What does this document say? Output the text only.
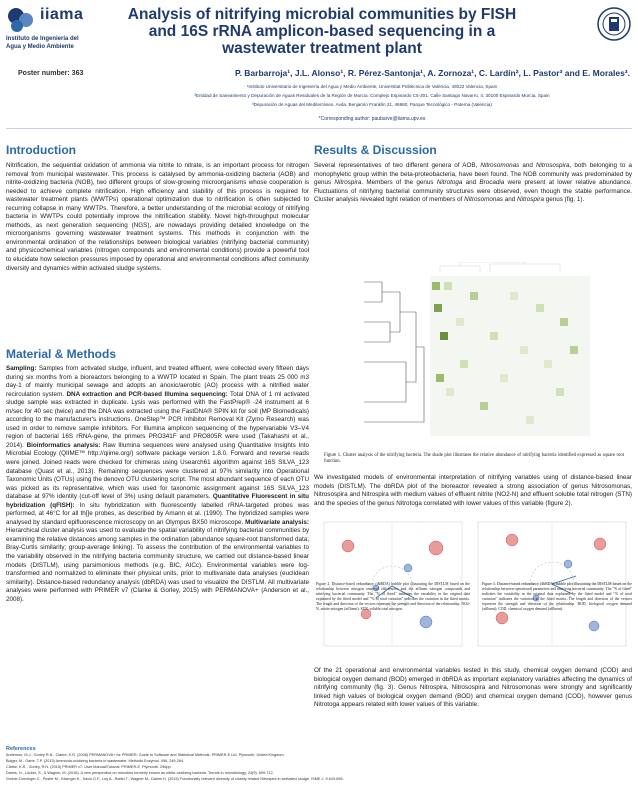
iiama
Instituto de Ingeniería del
Agua y Medio Ambiente
Poster number: 363
Analysis of nitrifying microbial communities by FISH and 16S rRNA amplicon-based sequencing in a wastewater treatment plant
P. Barbarroja¹, J.L. Alonso¹, R. Pérez-Santonja¹, A. Zornoza¹, C. Lardín², L. Pastor³ and E. Morales³.
¹Instituto Universitario de Ingeniería del Agua y Medio Ambiente, Universitat Politècnica de València, 46022 Valencia, Spain
²Entidad de Saneamiento y Depuración de Aguas Residuales de la Región de Murcia. Complejo Espinardo C5-301, Calle Santiago Navarro, 4, 30100 Espinardo Murcia, Spain
³Depuración de Aguas del Mediterráneo. Avda. Benjamín Franklin 21, 46980, Parque Tecnológico - Paterna (Valencia)
*Corresponding author: paubarve@iiama.upv.es
Introduction

Nitrification, the sequential oxidation of ammonia via nitrite to nitrate, is an important process for nitrogen removal from municipal wastewater. This process is catalysed by ammonia-oxidizing bacteria (AOB) and nitrite-oxidizing bacteria (NOB), two different groups of slow-growing microorganisms whose cooperation is needed to achieve complete nitrification. High efficiency and stability of this process is required for wastewater treatment plants (WWTPs) operational optimization due to nitrification is often subjected to recurring collapse in many WWTPs. Therefore, a better understanding of the microbial ecology of nitrifying bacteria in WWTPs could potentially improve the nitrification stability. Novel high-throughput molecular methods, as next generation sequencing (NGS), are nowadays providing detailed knowledge on the microorganisms governing wastewater treatment systems. This methods in conjunction with the environmental ordination of the relationships between biological variables (nitrifying bacterial community) and physicochemical variables (nitrogen compounds and environmental conditions) provide a powerful tool to elucidate how selection pressures imposed by operational and environmental conditions affect community diversity and dynamics within activated sludge systems.

Material & Methods

Sampling: Samples from activated sludge, influent, and treated effluent, were collected every fifteen days during six months from a bioreactors belonging to a WWTP located in Spain. The plant treats 25 000 m3 day-1 of mainly municipal sewage and adopts an anoxic/aerobic (AO) process with a nitrified water recirculation system. DNA extraction and PCR-based Illumina sequencing: Total DNA of 1 ml activated sludge sample was extracted in duplicate. Lysis was performed with the FastPrep® -24 instrument at 6 m/sec for 40 sec (twice) and the DNA was extracted using the FastDNA® SPIN kit for soil (MP Biomedicals) according to the manufacturer's instructions. OneStep™ PCR Inhibitor Removal Kit (Zymo Research) was used in order to remove sample inhibitors. For Illumina amplicon sequencing of the hypervariable V3–V4 region of bacterial 16S rRNA-gene, the primers PRO341F and PRO805R were used (Takahashi et al., 2014). Bioinformatics analysis: Raw Illumina sequences were analysed using Quantitative Insights Into Microbial Ecology (QIIME™ http://qiime.org/) software package version 1.8.0. Forward and reverse reads were joined. Joined reads were checked for chimeras using Usearch61 algorithm against 16S SILVA_123 database (Quast et al., 2013). Remaining sequences were clustered at 97% similarity into Operational Taxonomic Units (OTUs) using the denovo OTU clustering script. The most abundant sequence of each OTU was picked as its representative, which was used for taxonomic assignment against 16S SILVA_123 database at 97% identity (cut-off level of 3%) using default parameters. Quantitative Fluorescent in situ hybridization (qFISH): In situ hybridization with fluorescently labelled rRNA-targeted probes was performed, at 46°C for all th[]e probes, as described by Amann et al. (1990). The hybridized samples were analysed by standard epifluorescence microscopy on an Olympus BX50 microscope. Multivariate analysis: Hierarchical cluster analysis was used to evaluate the spatial variability of nitrifying bacterial communities by examining the relative distances among samples in the ordination (abundance square-root transformed data; Bray-Curtis similarity; group-average linking). To assess the contribution of the environmental variables to the variability observed in the nitrifying bacteria community structure, we carried out distance-based linear models (DISTLM), using parsimonious methods (e.g. BIC, AICc). Environmental variables were log-transformed and normalized to eliminate their physical units, prior to multivariate data analyses (euclidean similarity). Distance-based redundancy analysis (dbRDA) was used to visualize the DISTLM. All multivariate analyses were performed with PRIMER v7 (Clarke & Gorley, 2015) with PERMANOVA+ (Anderson et al., 2008).

Results & Discussion

Several representatives of two different genera of AOB, Nitrosomonas and Nitrosospira, both belonging to a monophyletic group within the beta-proteobacteria, have been found. The NOB community was predominated by genus Nitrospira. Members of the genus Nitrotoga and Brocadia were present at lower relative abundance. Fluctuations of nitrifying bacterial community structures were observed, even though the stable performance. Cluster analysis revealed tight relation of members of Nitrosomonas and Nitrospira genus (fig. 1).

Figure 1. Cluster analysis of the nitrifying bacteria. The shade plot illustrates the relative abundance of nitrifying bacteria identified expressed as square root function.

We investigated models of environmental interpretation of nitrifying variables using of distance-based linear models (DISTLM). The dbRDA plot of the bioreactor revealed a strong association of genus Nitrosomonas, Nitrosospira and Nitrospira with medium values of effluent nitrite (NO2-N) and effluent soluble total nitrogen (STN) and the species of the genus Nitrotoga correlated with lower values of this variable (figure 2).

Figure 2. Distance-based redundancy (dbRDA) bubble plot illustrating the DISTLM based on the relationship between nitrogen removal efficiencies and the affluent nitrogen compounds and nitrifying bacterial community. The "% of fitted" indicates the variability in the original data explained by the fitted model and "% of total variation" indicates the variation in the fitted matrix. The length and direction of the vectors represent the strength and direction of the relationship. NO2-N, nitrite nitrogen (affluent); STN, soluble total nitrogen.

Figure 3. Distance-based redundancy (dbRDA) bubble plot illustrating the DISTLM based on the relationship between operational parameters and nitrifying bacterial community. The "% of fitted" indicates the variability in the original data explained by the fitted model and "% of total variation" indicates the variation in the fitted matrix. The length and direction of the vectors represent the strength and direction of the relationship. BOD, biological oxygen demand (affluent); COD, chemical oxygen demand (affluent).

Of the 21 operational and environmental variables tested in this study, chemical oxygen demand (COD) and biological oxygen demand (BOD) emerged in dbRDA as important explanatory variables affecting the dynamics of nitrifying community (fig. 3). Genus Nitrospira, Nitrosospira and Nitrosomonas were strongly and significantly linked high values of biological oxygen demand (BOD) and chemical oxygen demand (COD), however genus Nitrotoga appears related with lower values of this variable.

References
Anderson, M.J., Gorley R.N., Clarke, K.R. (2008) PERMANOVA+ for PRIMER: Guide to Software and Statistical Methods. PRIMER-E Ltd, Plymouth, United Kingdom.
Bolger, M., Garte, T.P. (2015) Ammonia-oxidizing bacteria in wastewater. Methods Enzymol. 496, 249-264.
Clarke, K.R., Gorley, R.N. (2015) PRIMER v7: User Manual/Tutorial. PRIMER-E, Plymouth. 296pp.
Daims, H., Lücker, S., & Wagner, M. (2016). A new perspective on microbes formerly known as nitrite-oxidizing bacteria. Trends in microbiology, 24(9), 699-712.
Gruber-Dorninger C., Pester M., Kitzinger K., Savio D.F., Loy A., Rattei T., Wagner M., Daims H. (2015) Functionally relevant diversity of closely related Nitrospira in activated sludge. ISME J. 9 643-655.
